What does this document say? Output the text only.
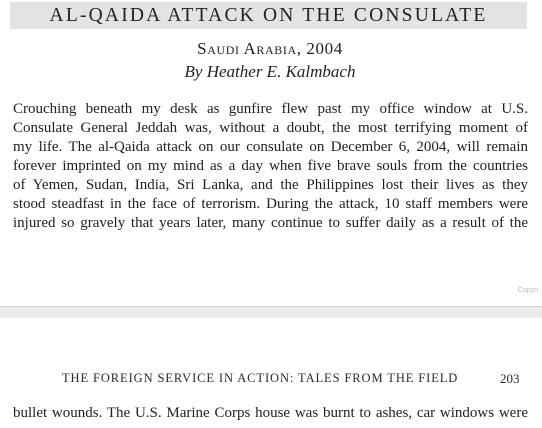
AL-QAIDA ATTACK ON THE CONSULATE
Saudi Arabia, 2004
By Heather E. Kalmbach
Crouching beneath my desk as gunfire flew past my office window at U.S.
Consulate General Jeddah was, without a doubt, the most terrifying moment of
my life. The al-Qaida attack on our consulate on December 6, 2004, will remain
forever imprinted on my mind as a day when five brave souls from the countries
of Yemen, Sudan, India, Sri Lanka, and the Philippines lost their lives as they
stood steadfast in the face of terrorism. During the attack, 10 staff members were
injured so gravely that years later, many continue to suffer daily as a result of the
Copyri
THE FOREIGN SERVICE IN ACTION: TALES FROM THE FIELD	203
bullet wounds. The U.S. Marine Corps house was burnt to ashes, car windows were
